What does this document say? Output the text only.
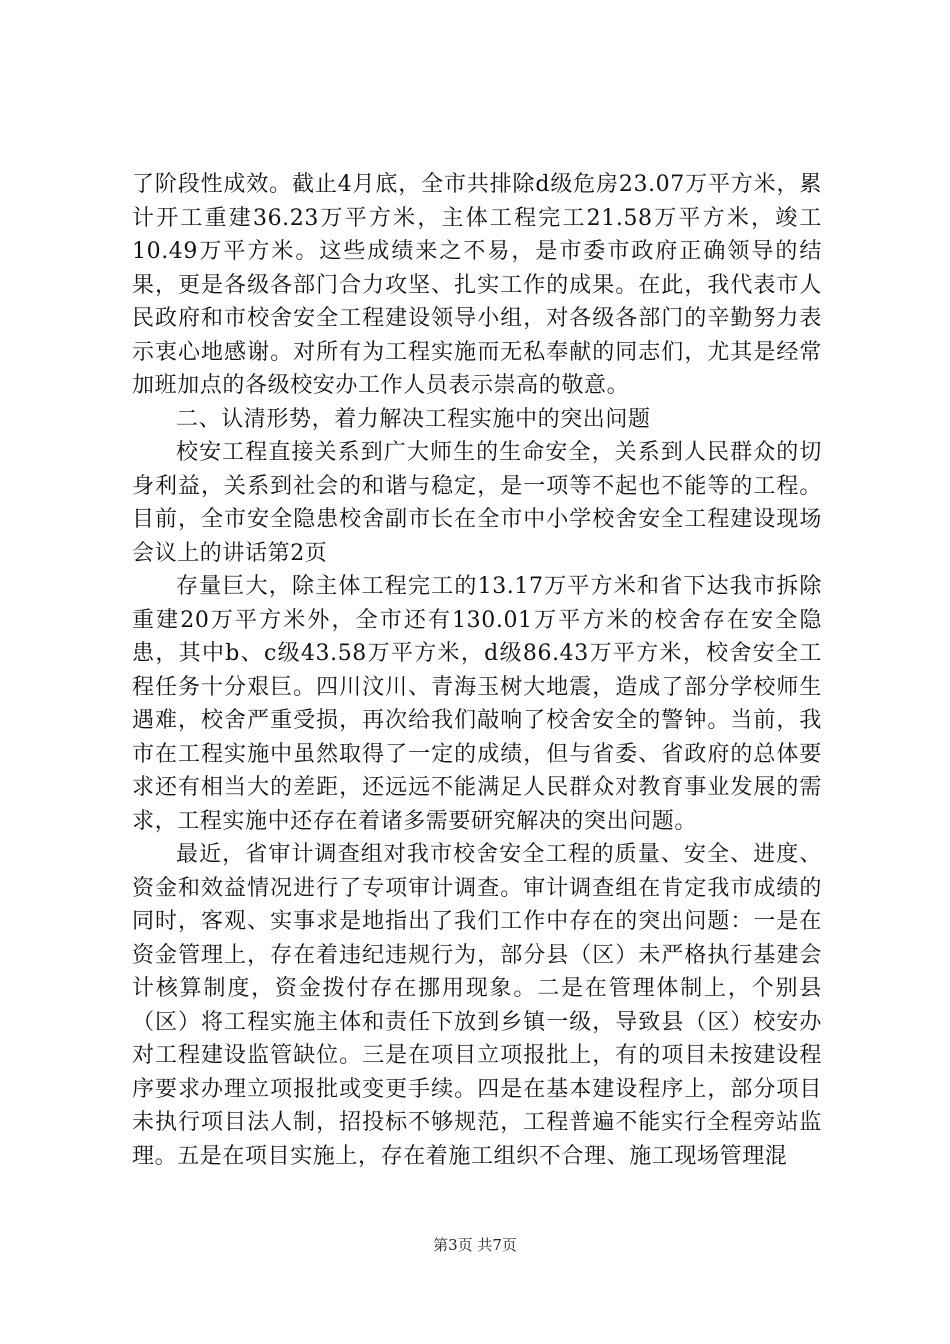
了阶段性成效。截止4月底，全市共排除d级危房23.07万平方米，累计开工重建36.23万平方米，主体工程完工21.58万平方米，竣工10.49万平方米。这些成绩来之不易，是市委市政府正确领导的结果，更是各级各部门合力攻坚、扎实工作的成果。在此，我代表市人民政府和市校舍安全工程建设领导小组，对各级各部门的辛勤努力表示衷心地感谢。对所有为工程实施而无私奉献的同志们，尤其是经常加班加点的各级校安办工作人员表示崇高的敬意。

二、认清形势，着力解决工程实施中的突出问题

校安工程直接关系到广大师生的生命安全，关系到人民群众的切身利益，关系到社会的和谐与稳定，是一项等不起也不能等的工程。目前，全市安全隐患校舍副市长在全市中小学校舍安全工程建设现场会议上的讲话第2页

存量巨大，除主体工程完工的13.17万平方米和省下达我市拆除重建20万平方米外，全市还有130.01万平方米的校舍存在安全隐患，其中b、c级43.58万平方米，d级86.43万平方米，校舍安全工程任务十分艰巨。四川汶川、青海玉树大地震，造成了部分学校师生遇难，校舍严重受损，再次给我们敲响了校舍安全的警钟。当前，我市在工程实施中虽然取得了一定的成绩，但与省委、省政府的总体要求还有相当大的差距，还远远不能满足人民群众对教育事业发展的需求，工程实施中还存在着诸多需要研究解决的突出问题。

最近，省审计调查组对我市校舍安全工程的质量、安全、进度、资金和效益情况进行了专项审计调查。审计调查组在肯定我市成绩的同时，客观、实事求是地指出了我们工作中存在的突出问题：一是在资金管理上，存在着违纪违规行为，部分县（区）未严格执行基建会计核算制度，资金拨付存在挪用现象。二是在管理体制上，个别县（区）将工程实施主体和责任下放到乡镇一级，导致县（区）校安办对工程建设监管缺位。三是在项目立项报批上，有的项目未按建设程序要求办理立项报批或变更手续。四是在基本建设程序上，部分项目未执行项目法人制，招投标不够规范，工程普遍不能实行全程旁站监理。五是在项目实施上，存在着施工组织不合理、施工现场管理混

第3页 共7页
